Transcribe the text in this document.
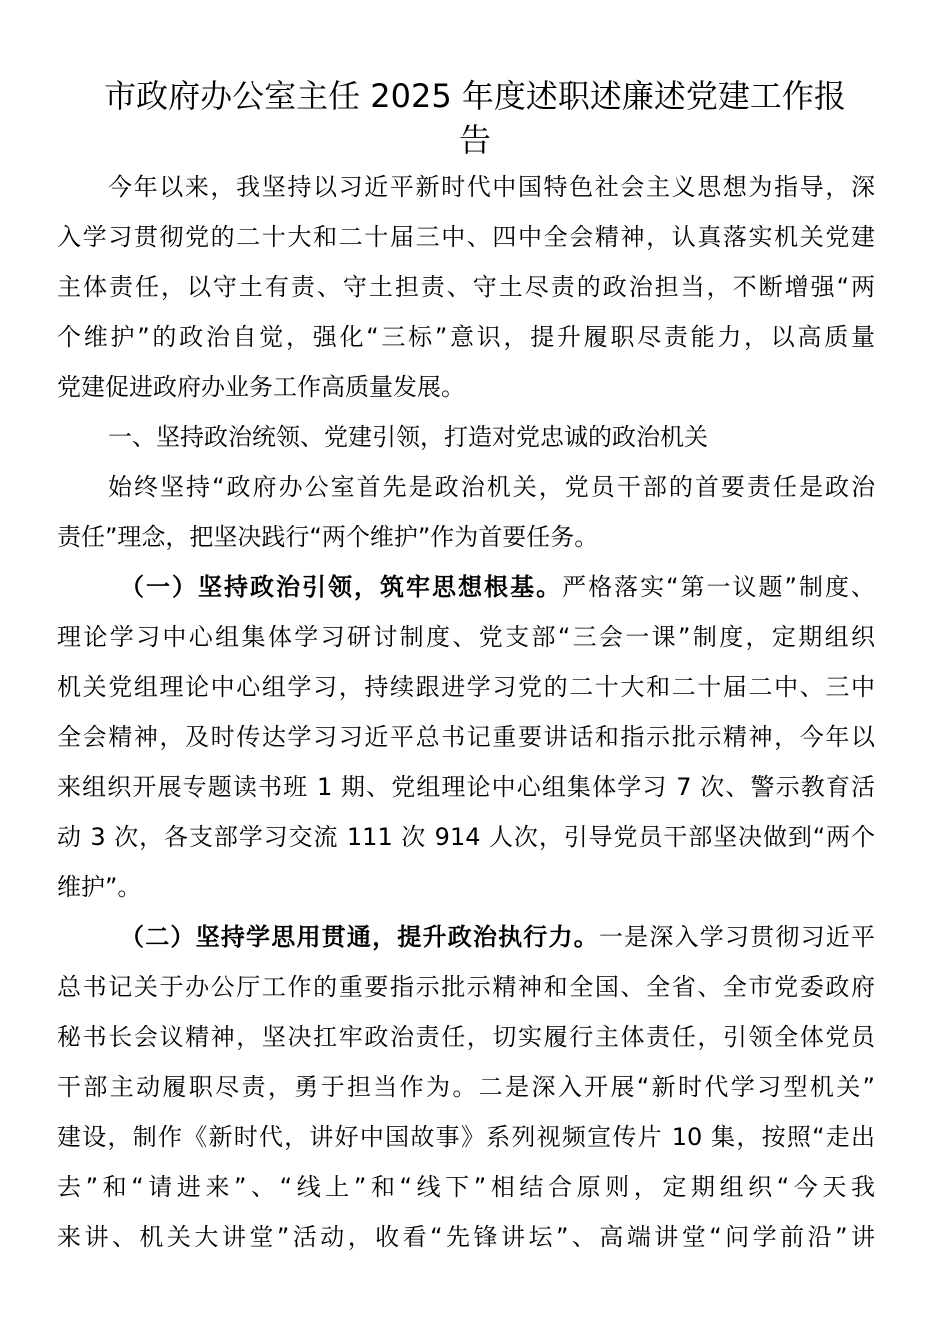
市政府办公室主任 2025 年度述职述廉述党建工作报
告
今年以来，我坚持以习近平新时代中国特色社会主义思想为指导，深
入学习贯彻党的二十大和二十届三中、四中全会精神，认真落实机关党建
主体责任，以守土有责、守土担责、守土尽责的政治担当，不断增强“两
个维护”的政治自觉，强化“三标”意识，提升履职尽责能力，以高质量
党建促进政府办业务工作高质量发展。
一、坚持政治统领、党建引领，打造对党忠诚的政治机关
始终坚持“政府办公室首先是政治机关，党员干部的首要责任是政治
责任”理念，把坚决践行“两个维护”作为首要任务。
（一）坚持政治引领，筑牢思想根基。严格落实“第一议题”制度、
理论学习中心组集体学习研讨制度、党支部“三会一课”制度，定期组织
机关党组理论中心组学习，持续跟进学习党的二十大和二十届二中、三中
全会精神，及时传达学习习近平总书记重要讲话和指示批示精神，今年以
来组织开展专题读书班 1 期、党组理论中心组集体学习 7 次、警示教育活
动 3 次，各支部学习交流 111 次 914 人次，引导党员干部坚决做到“两个
维护”。
（二）坚持学思用贯通，提升政治执行力。一是深入学习贯彻习近平
总书记关于办公厅工作的重要指示批示精神和全国、全省、全市党委政府
秘书长会议精神，坚决扛牢政治责任，切实履行主体责任，引领全体党员
干部主动履职尽责，勇于担当作为。二是深入开展“新时代学习型机关”
建设，制作《新时代，讲好中国故事》系列视频宣传片 10 集，按照“走出
去”和“请进来”、“线上”和“线下”相结合原则，定期组织“今天我
来讲、机关大讲堂”活动，收看“先锋讲坛”、高端讲堂“问学前沿”讲
